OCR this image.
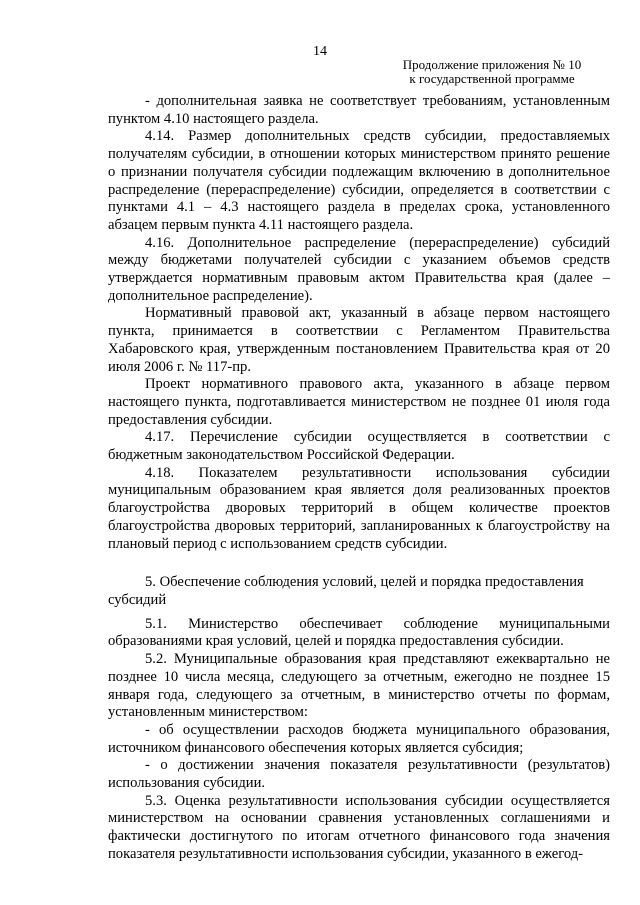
14
Продолжение приложения № 10
к государственной программе

- дополнительная заявка не соответствует требованиям, установленным пунктом 4.10 настоящего раздела.

4.14. Размер дополнительных средств субсидии, предоставляемых получателям субсидии, в отношении которых министерством принято решение о признании получателя субсидии подлежащим включению в дополнительное распределение (перераспределение) субсидии, определяется в соответствии с пунктами 4.1 – 4.3 настоящего раздела в пределах срока, установленного абзацем первым пункта 4.11 настоящего раздела.

4.16. Дополнительное распределение (перераспределение) субсидий между бюджетами получателей субсидии с указанием объемов средств утверждается нормативным правовым актом Правительства края (далее – дополнительное распределение).

Нормативный правовой акт, указанный в абзаце первом настоящего пункта, принимается в соответствии с Регламентом Правительства Хабаровского края, утвержденным постановлением Правительства края от 20 июля 2006 г. № 117-пр.

Проект нормативного правового акта, указанного в абзаце первом настоящего пункта, подготавливается министерством не позднее 01 июля года предоставления субсидии.

4.17. Перечисление субсидии осуществляется в соответствии с бюджетным законодательством Российской Федерации.

4.18. Показателем результативности использования субсидии муниципальным образованием края является доля реализованных проектов благоустройства дворовых территорий в общем количестве проектов благоустройства дворовых территорий, запланированных к благоустройству на плановый период с использованием средств субсидии.

5. Обеспечение соблюдения условий, целей и порядка предоставления субсидий

5.1. Министерство обеспечивает соблюдение муниципальными образованиями края условий, целей и порядка предоставления субсидии.

5.2. Муниципальные образования края представляют ежеквартально не позднее 10 числа месяца, следующего за отчетным, ежегодно не позднее 15 января года, следующего за отчетным, в министерство отчеты по формам, установленным министерством:

- об осуществлении расходов бюджета муниципального образования, источником финансового обеспечения которых является субсидия;

- о достижении значения показателя результативности (результатов) использования субсидии.

5.3. Оценка результативности использования субсидии осуществляется министерством на основании сравнения установленных соглашениями и фактически достигнутого по итогам отчетного финансового года значения показателя результативности использования субсидии, указанного в ежегод-
